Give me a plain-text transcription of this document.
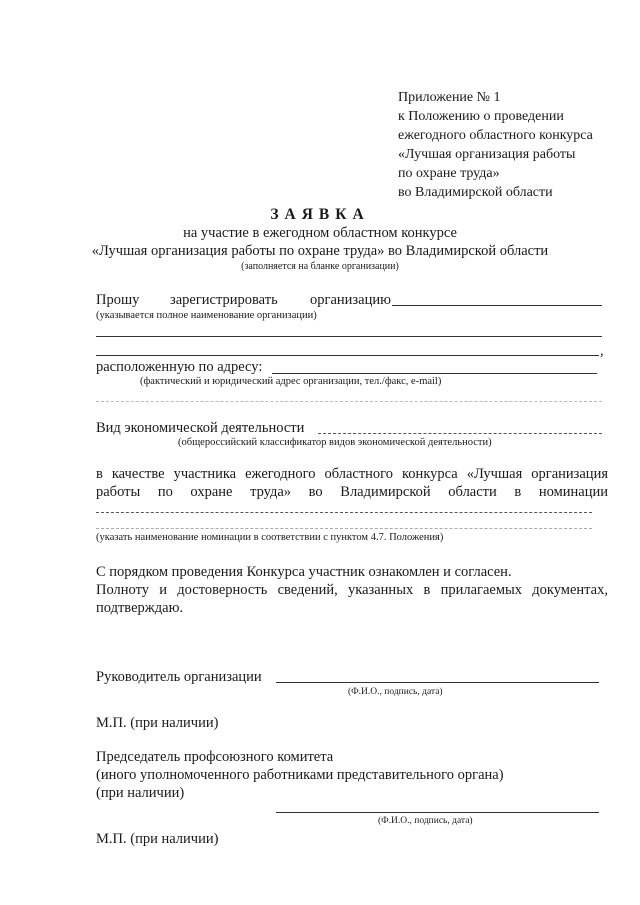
Приложение № 1
к Положению о проведении
ежегодного областного конкурса
«Лучшая организация работы
по охране труда»
во Владимирской области
ЗАЯВКА
на участие в ежегодном областном конкурсе
«Лучшая организация работы по охране труда» во Владимирской области
(заполняется на бланке организации)
Прошу зарегистрировать организацию
(указывается полное наименование организации)
,
расположенную по адресу:
(фактический и юридический адрес организации, тел./факс, e-mail)
Вид экономической деятельности
(общероссийский классификатор видов экономической деятельности)
в качестве участника ежегодного областного конкурса «Лучшая организация
работы по охране труда» во Владимирской области в номинации
(указать наименование номинации в соответствии с пунктом 4.7. Положения)
С порядком проведения Конкурса участник ознакомлен и согласен.
Полноту и достоверность сведений, указанных в прилагаемых документах,
подтверждаю.
Руководитель организации
(Ф.И.О., подпись, дата)
М.П. (при наличии)
Председатель профсоюзного комитета
(иного уполномоченного работниками представительного органа)
(при наличии)
(Ф.И.О., подпись, дата)
М.П. (при наличии)
